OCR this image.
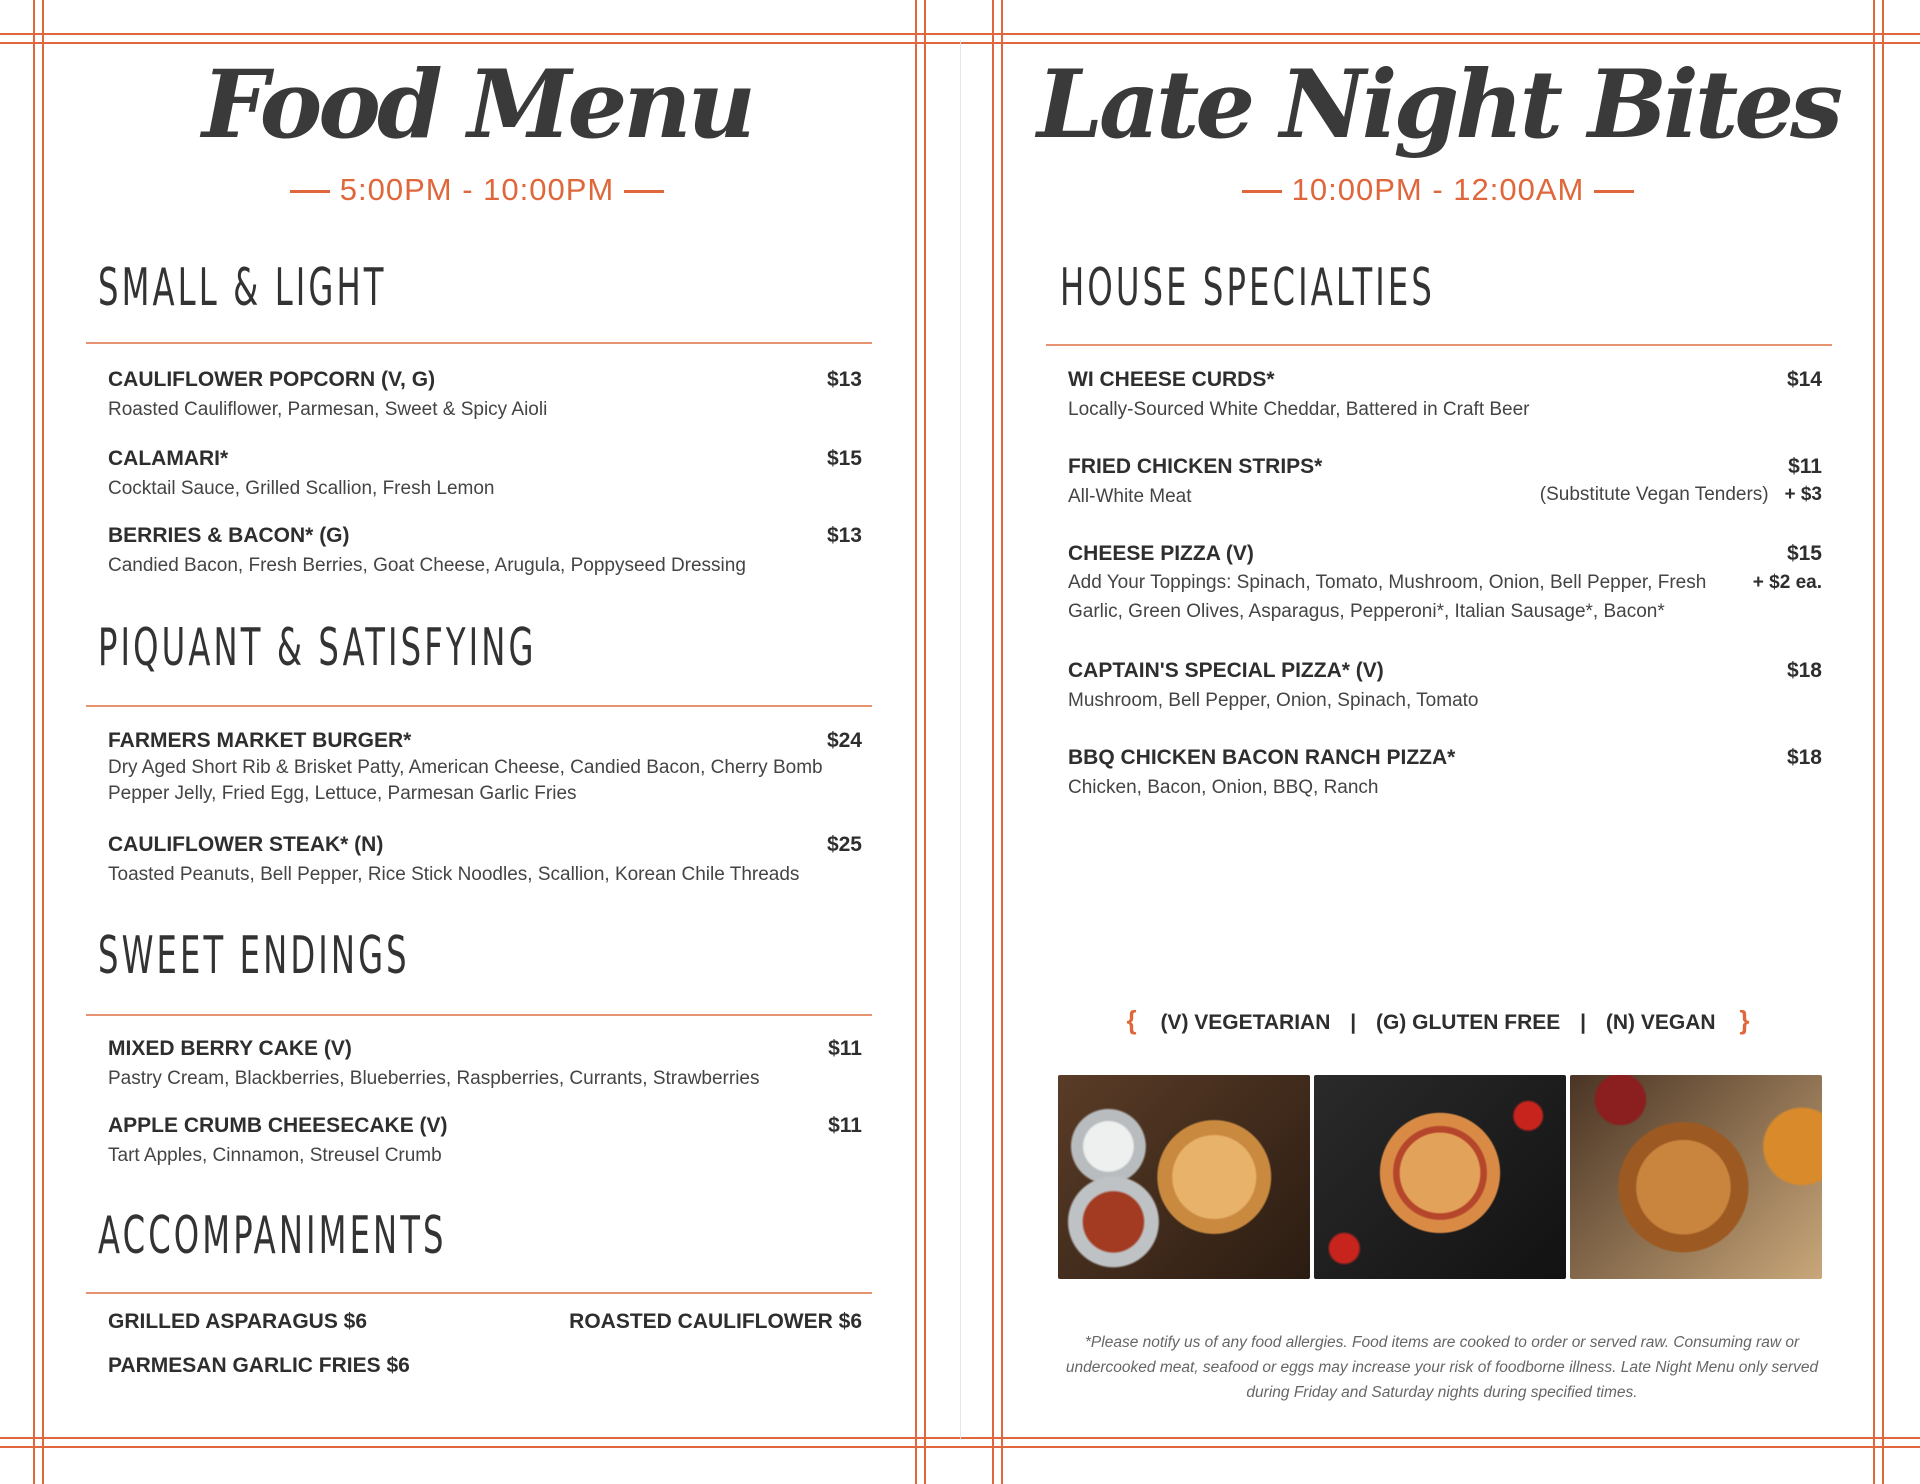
Food Menu
5:00PM - 10:00PM
SMALL & LIGHT
CAULIFLOWER POPCORN (V, G)	$13
Roasted Cauliflower, Parmesan, Sweet & Spicy Aioli
CALAMARI*	$15
Cocktail Sauce, Grilled Scallion, Fresh Lemon
BERRIES & BACON* (G)	$13
Candied Bacon, Fresh Berries, Goat Cheese, Arugula, Poppyseed Dressing
PIQUANT & SATISFYING
FARMERS MARKET BURGER*	$24
Dry Aged Short Rib & Brisket Patty, American Cheese, Candied Bacon, Cherry Bomb Pepper Jelly, Fried Egg, Lettuce, Parmesan Garlic Fries
CAULIFLOWER STEAK* (N)	$25
Toasted Peanuts, Bell Pepper, Rice Stick Noodles, Scallion, Korean Chile Threads
SWEET ENDINGS
MIXED BERRY CAKE (V)	$11
Pastry Cream, Blackberries, Blueberries, Raspberries, Currants, Strawberries
APPLE CRUMB CHEESECAKE (V)	$11
Tart Apples, Cinnamon, Streusel Crumb
ACCOMPANIMENTS
GRILLED ASPARAGUS $6	ROASTED CAULIFLOWER $6
PARMESAN GARLIC FRIES $6
Late Night Bites
10:00PM - 12:00AM
HOUSE SPECIALTIES
WI CHEESE CURDS*	$14
Locally-Sourced White Cheddar, Battered in Craft Beer
FRIED CHICKEN STRIPS*	$11
All-White Meat	(Substitute Vegan Tenders) + $3
CHEESE PIZZA (V)	$15
Add Your Toppings: Spinach, Tomato, Mushroom, Onion, Bell Pepper, Fresh Garlic, Green Olives, Asparagus, Pepperoni*, Italian Sausage*, Bacon*
+ $2 ea.
CAPTAIN'S SPECIAL PIZZA* (V)	$18
Mushroom, Bell Pepper, Onion, Spinach, Tomato
BBQ CHICKEN BACON RANCH PIZZA*	$18
Chicken, Bacon, Onion, BBQ, Ranch
{ (V) VEGETARIAN | (G) GLUTEN FREE | (N) VEGAN }
*Please notify us of any food allergies. Food items are cooked to order or served raw. Consuming raw or undercooked meat, seafood or eggs may increase your risk of foodborne illness. Late Night Menu only served during Friday and Saturday nights during specified times.
